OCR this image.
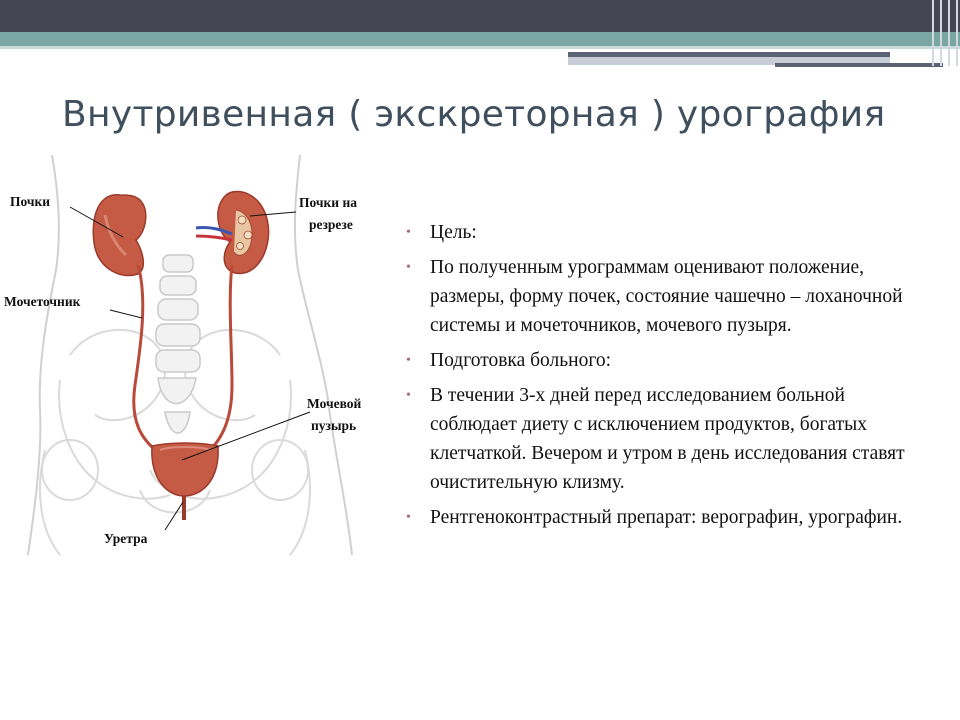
Внутривенная ( экскреторная ) урография
Почки	Почки на
резрезе
Мочеточник
Мочевой
пузырь
Уретра
• Цель:
• По полученным урограммам оценивают положение, размеры, форму почек, состояние чашечно – лоханочной системы и мочеточников, мочевого пузыря.
• Подготовка больного:
• В течении 3-х дней перед исследованием больной соблюдает диету с исключением продуктов, богатых клетчаткой. Вечером и утром в день исследования ставят очистительную клизму.
• Рентгеноконтрастный препарат: верографин, урографин.
